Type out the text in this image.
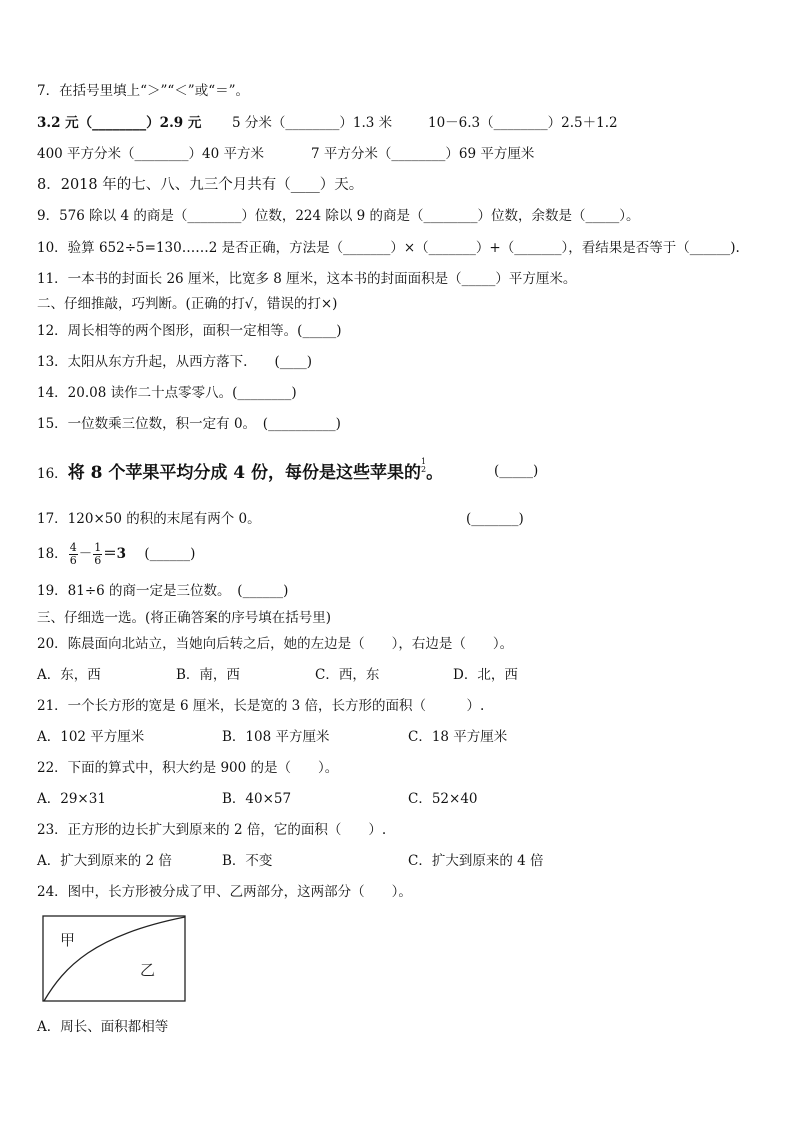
7．在括号里填上“＞”“＜”或“＝”。
3.2 元（________）2.9 元 5 分米（________）1.3 米	10－6.3（________）2.5＋1.2
400 平方分米（________）40 平方米	7 平方分米（________）69 平方厘米
8．2018 年的七、八、九三个月共有（____）天。
9．576 除以 4 的商是（________）位数，224 除以 9 的商是（________）位数，余数是（_____）。
10．验算 652÷5=130……2 是否正确，方法是（_______）×（_______）+（_______），看结果是否等于（______).
11．一本书的封面长 26 厘米，比宽多 8 厘米，这本书的封面面积是（_____）平方厘米。
二、仔细推敲，巧判断。(正确的打√，错误的打×)
12．周长相等的两个图形，面积一定相等。(_____)
13．太阳从东方升起，从西方落下.　　(____)
14．20.08 读作二十点零零八。(________)
15．一位数乘三位数，积一定有 0。　(__________)
16．将 8 个苹果平均分成 4 份，每份是这些苹果的
1
2 。	(_____)
17．120×50 的积的末尾有两个 0。	(_______)
18． $\frac{4}{6} - \frac{1}{6} =3$ (______)
19．81÷6 的商一定是三位数。　(______)
三、仔细选一选。(将正确答案的序号填在括号里)
20．陈晨面向北站立，当她向后转之后，她的左边是（　　），右边是（　　）。
A．东，西	B．南，西	C．西，东	D．北，西
21．一个长方形的宽是 6 厘米，长是宽的 3 倍，长方形的面积（　　　）.
A．102 平方厘米	B．108 平方厘米	C．18 平方厘米
22．下面的算式中，积大约是 900 的是（　　）。
A．29×31	B．40×57	C．52×40
23．正方形的边长扩大到原来的 2 倍，它的面积（　　）.
A．扩大到原来的 2 倍	B．不变	C．扩大到原来的 4 倍
24．图中，长方形被分成了甲、乙两部分，这两部分（　　）。
甲
乙
A．周长、面积都相等
